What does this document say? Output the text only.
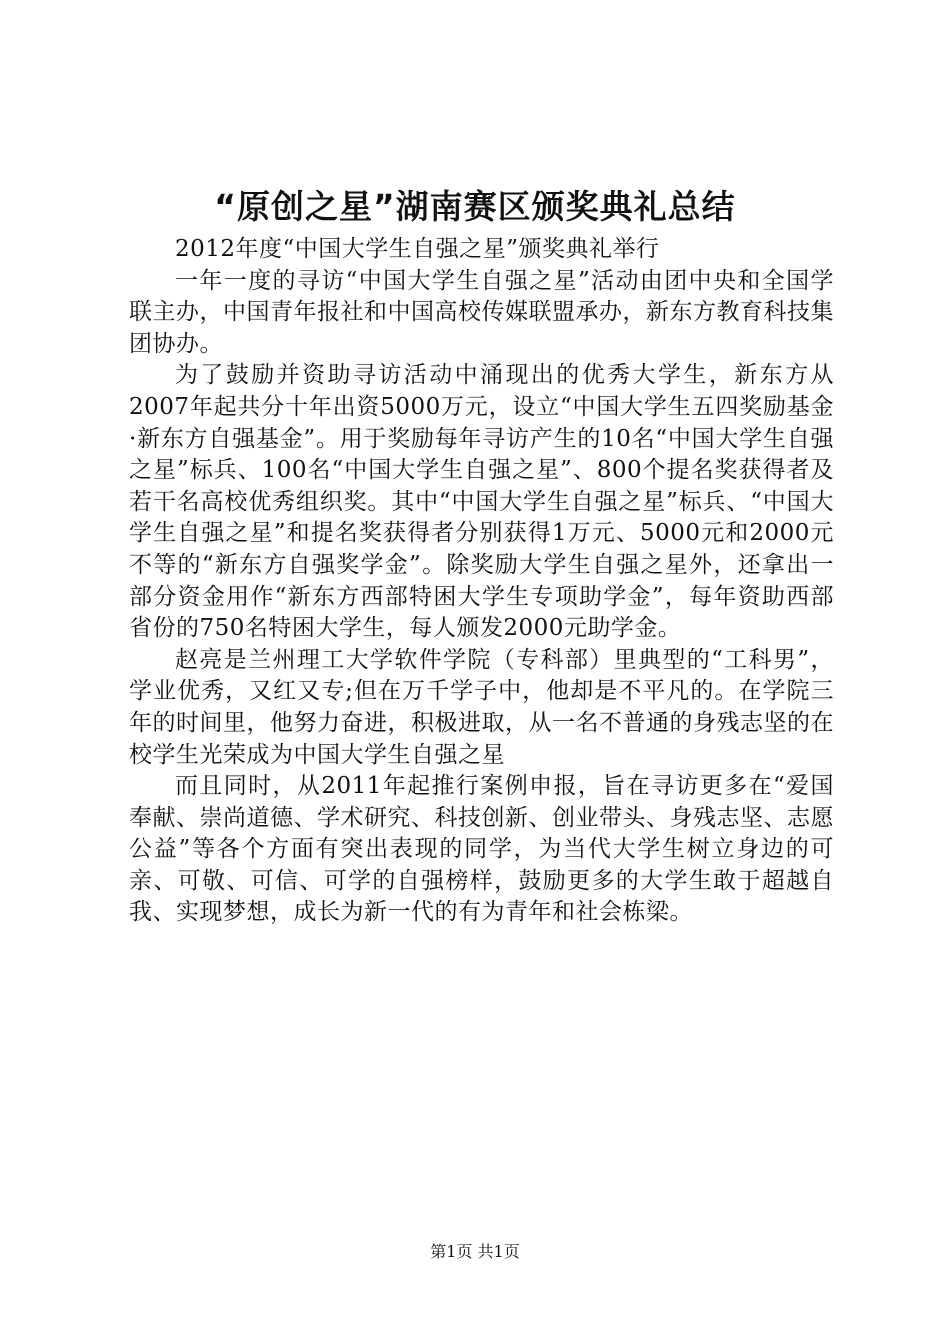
“原创之星”湖南赛区颁奖典礼总结

2012年度“中国大学生自强之星”颁奖典礼举行

一年一度的寻访“中国大学生自强之星”活动由团中央和全国学联主办，中国青年报社和中国高校传媒联盟承办，新东方教育科技集团协办。

为了鼓励并资助寻访活动中涌现出的优秀大学生，新东方从2007年起共分十年出资5000万元，设立“中国大学生五四奖励基金·新东方自强基金”。用于奖励每年寻访产生的10名“中国大学生自强之星”标兵、100名“中国大学生自强之星”、800个提名奖获得者及若干名高校优秀组织奖。其中“中国大学生自强之星”标兵、“中国大学生自强之星”和提名奖获得者分别获得1万元、5000元和2000元不等的“新东方自强奖学金”。除奖励大学生自强之星外，还拿出一部分资金用作“新东方西部特困大学生专项助学金”，每年资助西部省份的750名特困大学生，每人颁发2000元助学金。

赵亮是兰州理工大学软件学院（专科部）里典型的“工科男”，学业优秀，又红又专;但在万千学子中，他却是不平凡的。在学院三年的时间里，他努力奋进，积极进取，从一名不普通的身残志坚的在校学生光荣成为中国大学生自强之星

而且同时，从2011年起推行案例申报，旨在寻访更多在“爱国奉献、崇尚道德、学术研究、科技创新、创业带头、身残志坚、志愿公益”等各个方面有突出表现的同学，为当代大学生树立身边的可亲、可敬、可信、可学的自强榜样，鼓励更多的大学生敢于超越自我、实现梦想，成长为新一代的有为青年和社会栋梁。

第1页 共1页
